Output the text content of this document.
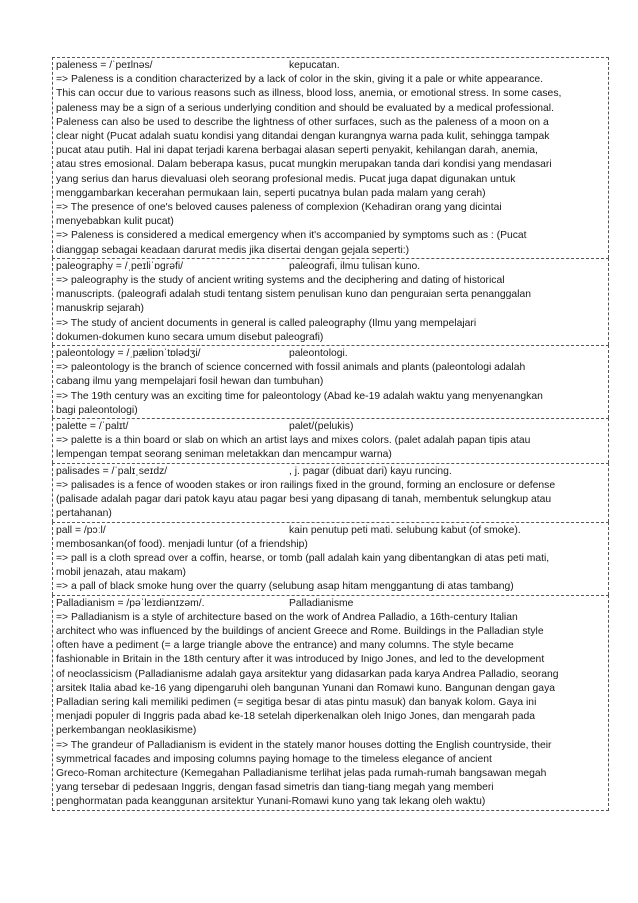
paleness = /ˈpeɪlnəs/	kepucatan.
=> Paleness is a condition characterized by a lack of color in the skin, giving it a pale or white appearance.
This can occur due to various reasons such as illness, blood loss, anemia, or emotional stress. In some cases,
paleness may be a sign of a serious underlying condition and should be evaluated by a medical professional.
Paleness can also be used to describe the lightness of other surfaces, such as the paleness of a moon on a
clear night (Pucat adalah suatu kondisi yang ditandai dengan kurangnya warna pada kulit, sehingga tampak
pucat atau putih. Hal ini dapat terjadi karena berbagai alasan seperti penyakit, kehilangan darah, anemia,
atau stres emosional. Dalam beberapa kasus, pucat mungkin merupakan tanda dari kondisi yang mendasari
yang serius dan harus dievaluasi oleh seorang profesional medis. Pucat juga dapat digunakan untuk
menggambarkan kecerahan permukaan lain, seperti pucatnya bulan pada malam yang cerah)
=> The presence of one's beloved causes paleness of complexion (Kehadiran orang yang dicintai
menyebabkan kulit pucat)
=> Paleness is considered a medical emergency when it's accompanied by symptoms such as : (Pucat
dianggap sebagai keadaan darurat medis jika disertai dengan gejala seperti:)
paleography = /ˌpeɪliˈɒɡrəfi/	paleografi, ilmu tulisan kuno.
=> paleography is the study of ancient writing systems and the deciphering and dating of historical
manuscripts. (paleografi adalah studi tentang sistem penulisan kuno dan penguraian serta penanggalan
manuskrip sejarah)
=> The study of ancient documents in general is called paleography (Ilmu yang mempelajari
dokumen-dokumen kuno secara umum disebut paleografi)
paleontology = /ˌpæliɒnˈtɒlədʒi/	paleontologi.
=> paleontology is the branch of science concerned with fossil animals and plants (paleontologi adalah
cabang ilmu yang mempelajari fosil hewan dan tumbuhan)
=> The 19th century was an exciting time for paleontology (Abad ke-19 adalah waktu yang menyenangkan
bagi paleontologi)
palette = /ˈpalɪt/	palet/(pelukis)
=> palette is a thin board or slab on which an artist lays and mixes colors. (palet adalah papan tipis atau
lempengan tempat seorang seniman meletakkan dan mencampur warna)
palisades = /ˈpalɪˌseɪdz/	, j. pagar (dibuat dari) kayu runcing.
=> palisades is a fence of wooden stakes or iron railings fixed in the ground, forming an enclosure or defense
(palisade adalah pagar dari patok kayu atau pagar besi yang dipasang di tanah, membentuk selungkup atau
pertahanan)
pall = /pɔːl/	kain penutup peti mati. selubung kabut (of smoke).
membosankan(of food). menjadi luntur (of a friendship)
=> pall is a cloth spread over a coffin, hearse, or tomb (pall adalah kain yang dibentangkan di atas peti mati,
mobil jenazah, atau makam)
=> a pall of black smoke hung over the quarry (selubung asap hitam menggantung di atas tambang)
Palladianism = /pəˈleɪdiənɪzəm/.	Palladianisme
=> Palladianism is a style of architecture based on the work of Andrea Palladio, a 16th-century Italian
architect who was influenced by the buildings of ancient Greece and Rome. Buildings in the Palladian style
often have a pediment (= a large triangle above the entrance) and many columns. The style became
fashionable in Britain in the 18th century after it was introduced by Inigo Jones, and led to the development
of neoclassicism (Palladianisme adalah gaya arsitektur yang didasarkan pada karya Andrea Palladio, seorang
arsitek Italia abad ke-16 yang dipengaruhi oleh bangunan Yunani dan Romawi kuno. Bangunan dengan gaya
Palladian sering kali memiliki pedimen (= segitiga besar di atas pintu masuk) dan banyak kolom. Gaya ini
menjadi populer di Inggris pada abad ke-18 setelah diperkenalkan oleh Inigo Jones, dan mengarah pada
perkembangan neoklasikisme)
=> The grandeur of Palladianism is evident in the stately manor houses dotting the English countryside, their
symmetrical facades and imposing columns paying homage to the timeless elegance of ancient
Greco-Roman architecture (Kemegahan Palladianisme terlihat jelas pada rumah-rumah bangsawan megah
yang tersebar di pedesaan Inggris, dengan fasad simetris dan tiang-tiang megah yang memberi
penghormatan pada keanggunan arsitektur Yunani-Romawi kuno yang tak lekang oleh waktu)
